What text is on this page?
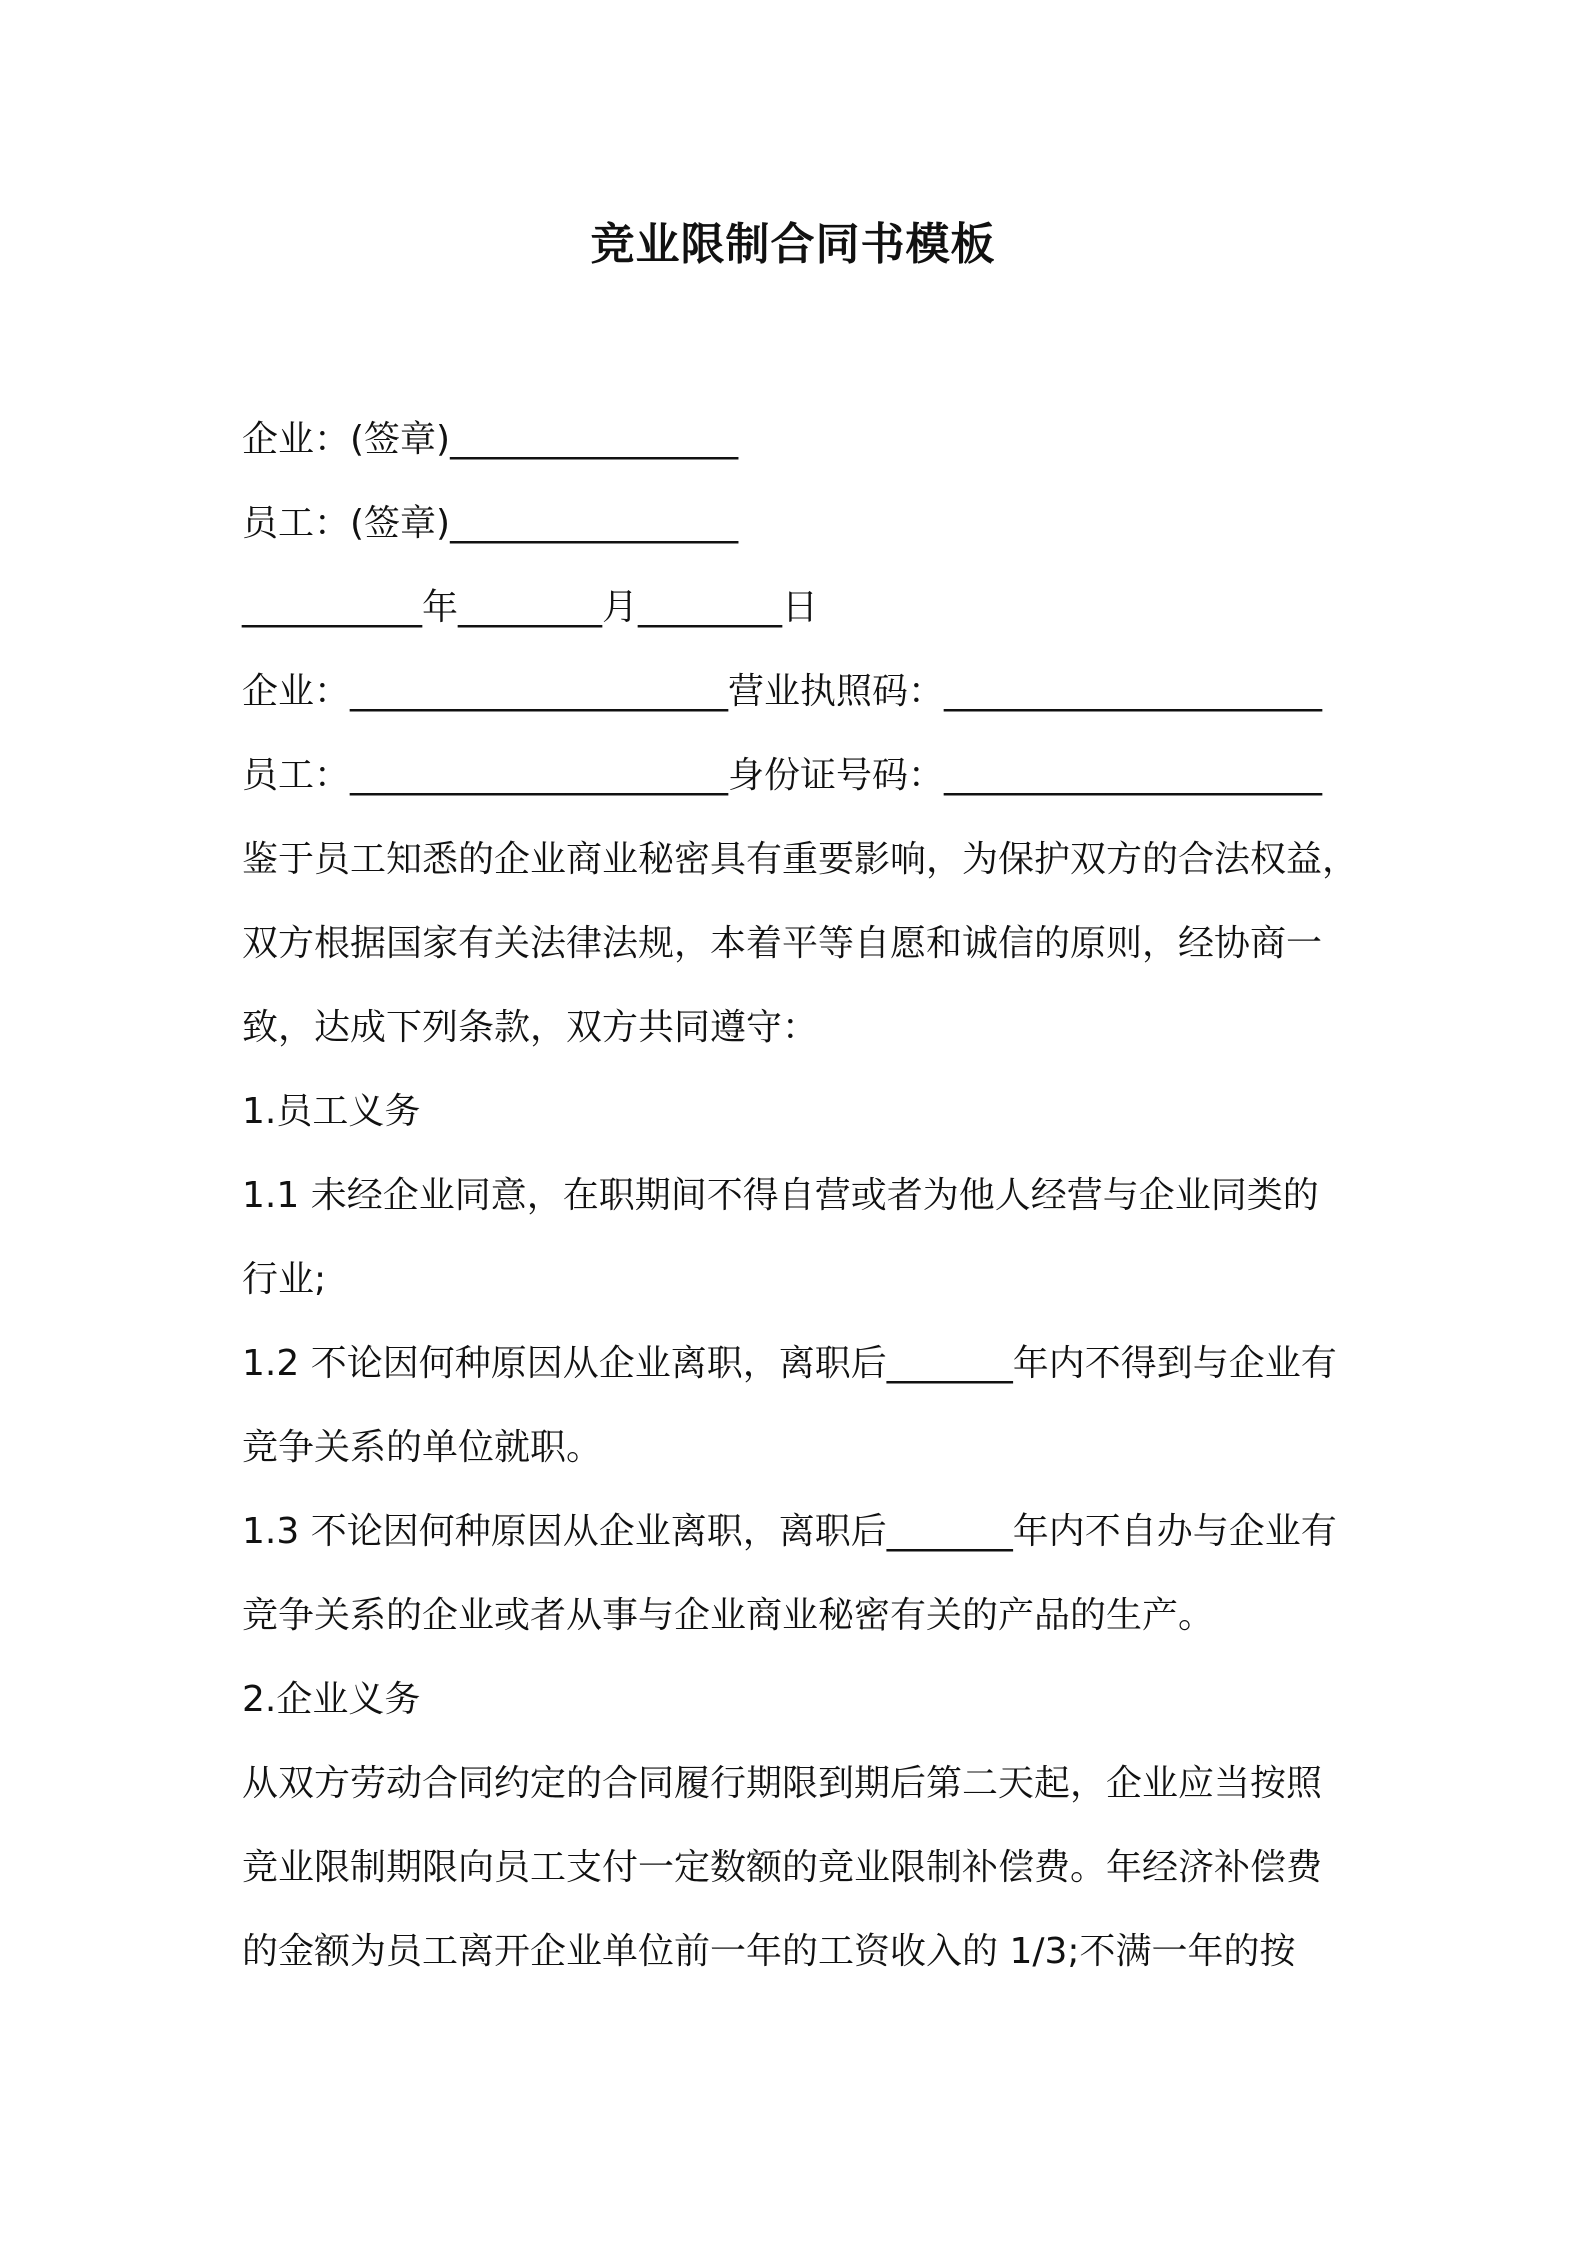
竞业限制合同书模板

企业：(签章)________________

员工：(签章)________________

__________年________月________日

企业：_____________________营业执照码：_____________________

员工：_____________________身份证号码：_____________________

鉴于员工知悉的企业商业秘密具有重要影响，为保护双方的合法权益，

双方根据国家有关法律法规，本着平等自愿和诚信的原则，经协商一

致，达成下列条款，双方共同遵守：

1.员工义务

1.1 未经企业同意，在职期间不得自营或者为他人经营与企业同类的

行业;

1.2 不论因何种原因从企业离职，离职后_______年内不得到与企业有

竞争关系的单位就职。

1.3 不论因何种原因从企业离职，离职后_______年内不自办与企业有

竞争关系的企业或者从事与企业商业秘密有关的产品的生产。

2.企业义务

从双方劳动合同约定的合同履行期限到期后第二天起，企业应当按照

竞业限制期限向员工支付一定数额的竞业限制补偿费。年经济补偿费

的金额为员工离开企业单位前一年的工资收入的 1/3;不满一年的按
